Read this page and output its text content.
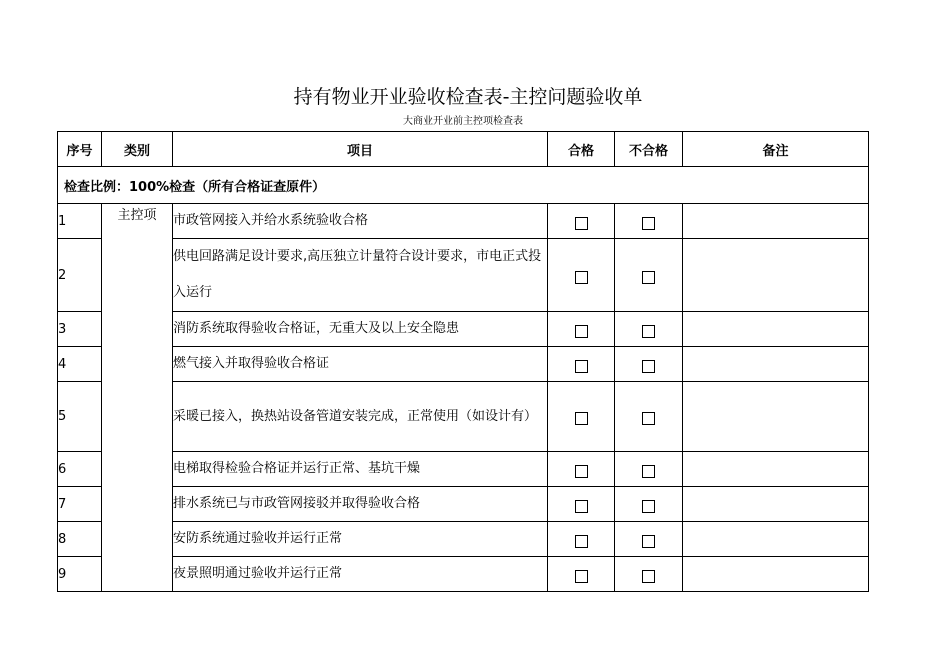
持有物业开业验收检查表-主控问题验收单
大商业开业前主控项检查表
序号	类别	项目	合格	不合格	备注
检查比例：100%检查（所有合格证查原件）					
1	主控项	市政管网接入并给水系统验收合格			
2		供电回路满足设计要求,高压独立计量符合设计要求，市电正式投入运行			
3		消防系统取得验收合格证，无重大及以上安全隐患			
4		燃气接入并取得验收合格证			
5		采暖已接入，换热站设备管道安装完成，正常使用（如设计有）			
6		电梯取得检验合格证并运行正常、基坑干燥			
7		排水系统已与市政管网接驳并取得验收合格			
8		安防系统通过验收并运行正常			
9		夜景照明通过验收并运行正常			
